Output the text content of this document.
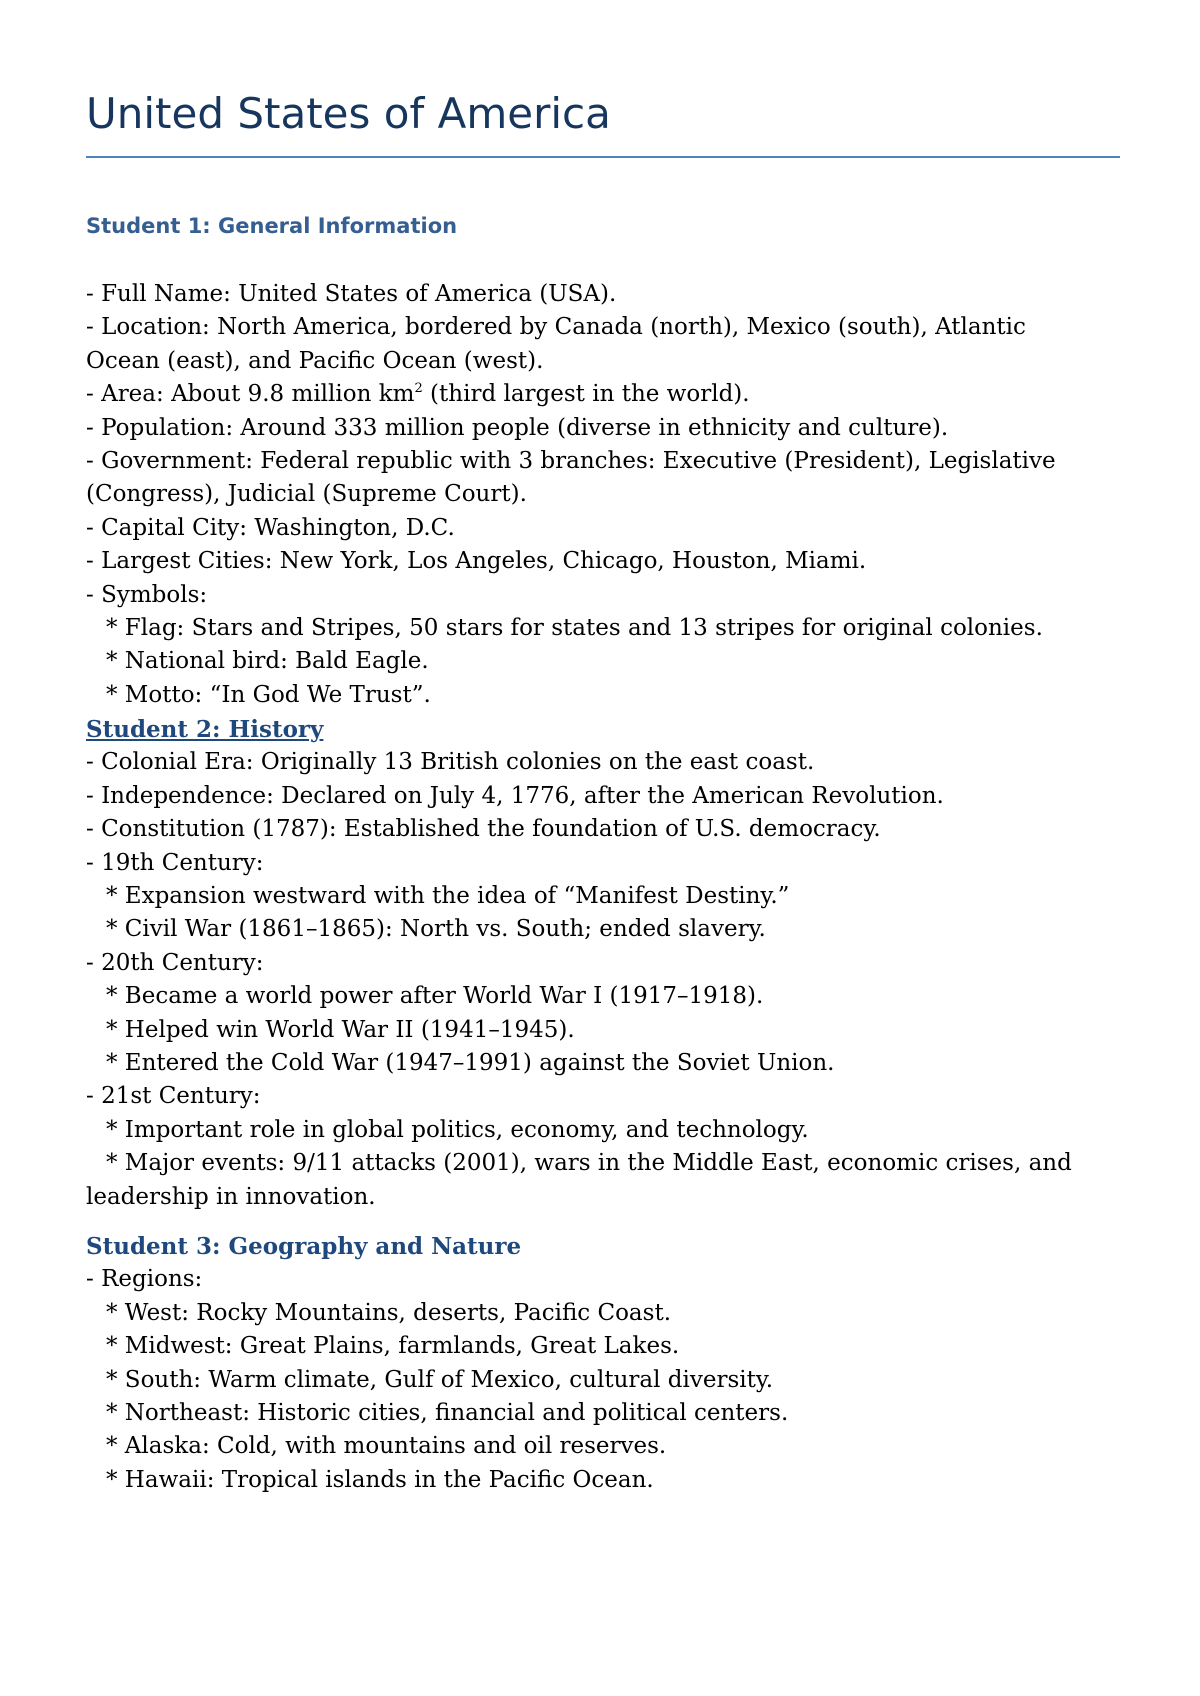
United States of America
Student 1: General Information
- Full Name: United States of America (USA).
- Location: North America, bordered by Canada (north), Mexico (south), Atlantic
Ocean (east), and Pacific Ocean (west).
- Area: About 9.8 million $km^2$ (third largest in the world).
- Population: Around 333 million people (diverse in ethnicity and culture).
- Government: Federal republic with 3 branches: Executive (President), Legislative
(Congress), Judicial (Supreme Court).
- Capital City: Washington, D.C.
- Largest Cities: New York, Los Angeles, Chicago, Houston, Miami.
- Symbols:
* Flag: Stars and Stripes, 50 stars for states and 13 stripes for original colonies.
* National bird: Bald Eagle.
* Motto: “In God We Trust”.
Student 2: History
- Colonial Era: Originally 13 British colonies on the east coast.
- Independence: Declared on July 4, 1776, after the American Revolution.
- Constitution (1787): Established the foundation of U.S. democracy.
- 19th Century:
* Expansion westward with the idea of “Manifest Destiny.”
* Civil War (1861–1865): North vs. South; ended slavery.
- 20th Century:
* Became a world power after World War I (1917–1918).
* Helped win World War II (1941–1945).
* Entered the Cold War (1947–1991) against the Soviet Union.
- 21st Century:
* Important role in global politics, economy, and technology.
* Major events: 9/11 attacks (2001), wars in the Middle East, economic crises, and
leadership in innovation.
Student 3: Geography and Nature
- Regions:
* West: Rocky Mountains, deserts, Pacific Coast.
* Midwest: Great Plains, farmlands, Great Lakes.
* South: Warm climate, Gulf of Mexico, cultural diversity.
* Northeast: Historic cities, financial and political centers.
* Alaska: Cold, with mountains and oil reserves.
* Hawaii: Tropical islands in the Pacific Ocean.
